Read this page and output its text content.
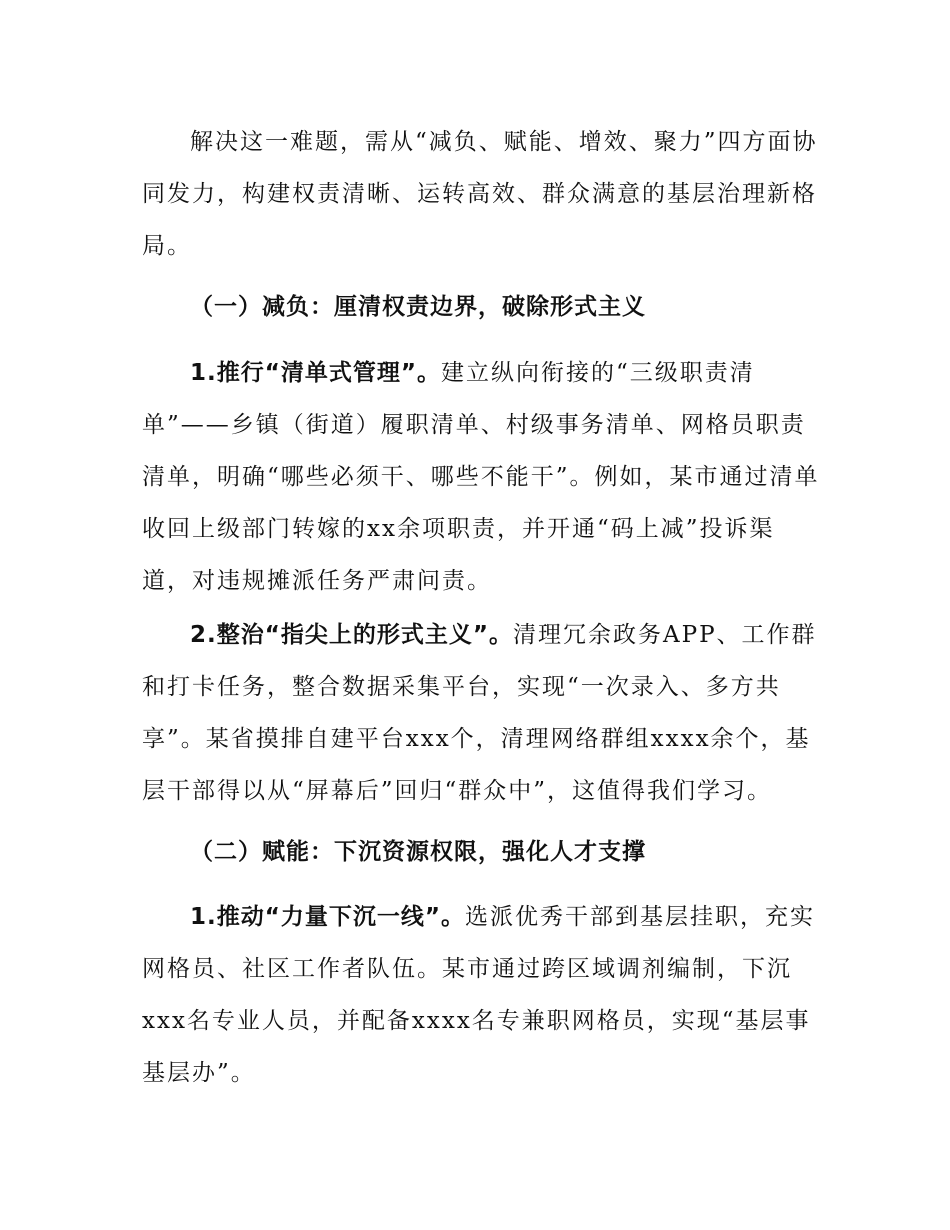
解决这一难题，需从“减负、赋能、增效、聚力”四方面协同发力，构建权责清晰、运转高效、群众满意的基层治理新格局。

（一）减负：厘清权责边界，破除形式主义

1.推行“清单式管理”。建立纵向衔接的“三级职责清单”——乡镇（街道）履职清单、村级事务清单、网格员职责清单，明确“哪些必须干、哪些不能干”。例如，某市通过清单收回上级部门转嫁的xx余项职责，并开通“码上减”投诉渠道，对违规摊派任务严肃问责。

2.整治“指尖上的形式主义”。清理冗余政务APP、工作群和打卡任务，整合数据采集平台，实现“一次录入、多方共享”。某省摸排自建平台xxx个，清理网络群组xxxx余个，基层干部得以从“屏幕后”回归“群众中”，这值得我们学习。

（二）赋能：下沉资源权限，强化人才支撑

1.推动“力量下沉一线”。选派优秀干部到基层挂职，充实网格员、社区工作者队伍。某市通过跨区域调剂编制，下沉xxx名专业人员，并配备xxxx名专兼职网格员，实现“基层事基层办”。
